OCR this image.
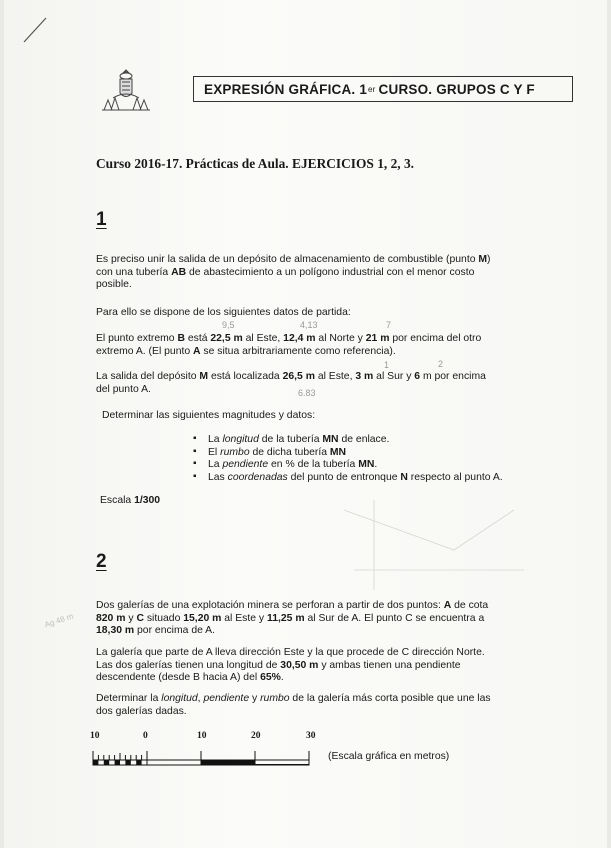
EXPRESIÓN GRÁFICA. 1 er CURSO. GRUPOS C Y F
Curso 2016-17. Prácticas de Aula. EJERCICIOS 1, 2, 3.
1
Es preciso unir la salida de un depósito de almacenamiento de combustible (punto M)
con una tubería AB de abastecimiento a un polígono industrial con el menor costo
posible.
Para ello se dispone de los siguientes datos de partida:
El punto extremo B está 22,5 m al Este, 12,4 m al Norte y 21 m por encima del otro
extremo A. (El punto A se situa arbitrariamente como referencia).
La salida del depósito M está localizada 26,5 m al Este, 3 m al Sur y 6 m por encima
del punto A.
Determinar las siguientes magnitudes y datos:
▪ La longitud de la tubería MN de enlace.
▪ El rumbo de dicha tubería MN
▪ La pendiente en % de la tubería MN.
▪ Las coordenadas del punto de entronque N respecto al punto A.
Escala 1/300
9,5	4,13	7
1	2
6.83
2
Ag 48 m
Dos galerías de una explotación minera se perforan a partir de dos puntos: A de cota
820 m y C situado 15,20 m al Este y 11,25 m al Sur de A. El punto C se encuentra a
18,30 m por encima de A.
La galería que parte de A lleva dirección Este y la que procede de C dirección Norte.
Las dos galerías tienen una longitud de 30,50 m y ambas tienen una pendiente
descendente (desde B hacia A) del 65%.
Determinar la longitud, pendiente y rumbo de la galería más corta posible que une las
dos galerías dadas.
10	0	10	20	30
(Escala gráfica en metros)
